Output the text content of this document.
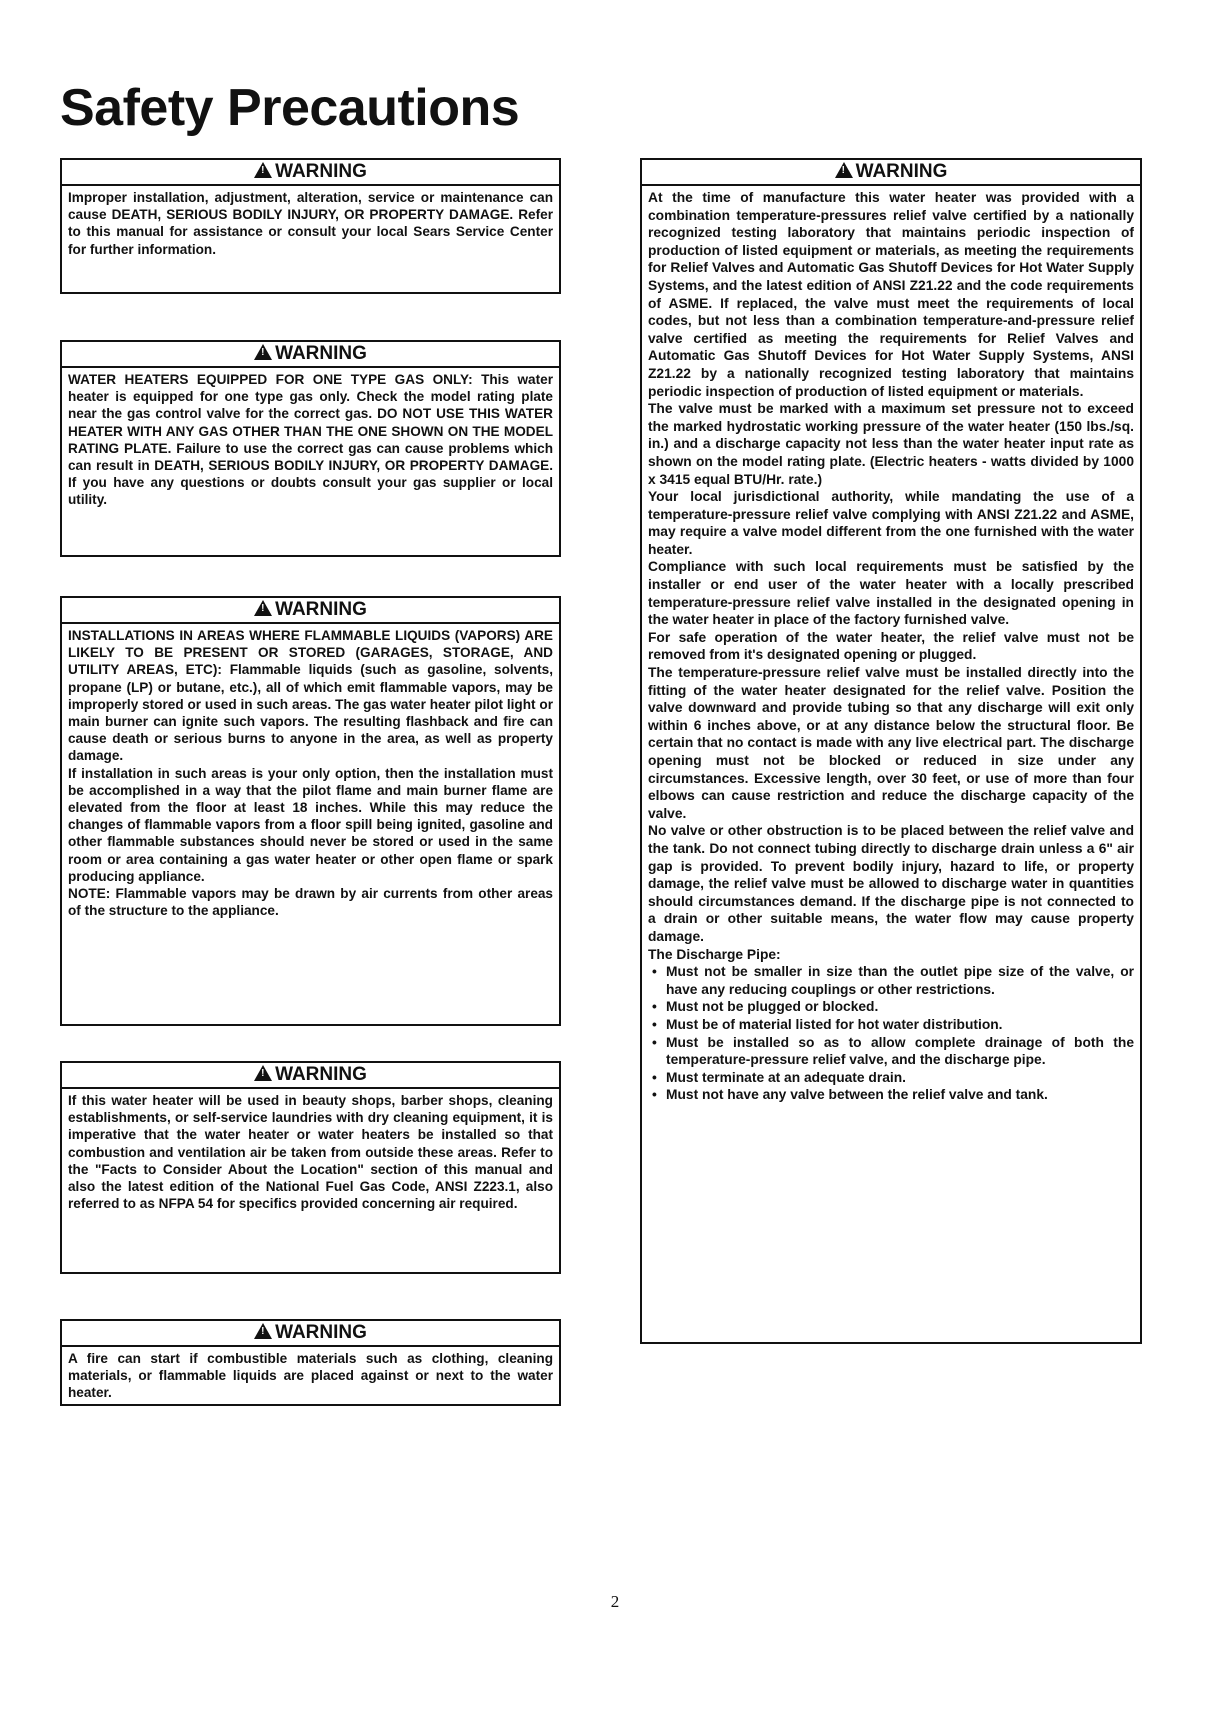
Safety Precautions
!WARNING

Improper installation, adjustment, alteration, service or maintenance can cause DEATH, SERIOUS BODILY INJURY, OR PROPERTY DAMAGE. Refer to this manual for assistance or consult your local Sears Service Center for further information.

!WARNING

WATER HEATERS EQUIPPED FOR ONE TYPE GAS ONLY: This water heater is equipped for one type gas only. Check the model rating plate near the gas control valve for the correct gas. DO NOT USE THIS WATER HEATER WITH ANY GAS OTHER THAN THE ONE SHOWN ON THE MODEL RATING PLATE. Failure to use the correct gas can cause problems which can result in DEATH, SERIOUS BODILY INJURY, OR PROPERTY DAMAGE. If you have any questions or doubts consult your gas supplier or local utility.

!WARNING

INSTALLATIONS IN AREAS WHERE FLAMMABLE LIQUIDS (VAPORS) ARE LIKELY TO BE PRESENT OR STORED (GARAGES, STORAGE, AND UTILITY AREAS, ETC): Flammable liquids (such as gasoline, solvents, propane (LP) or butane, etc.), all of which emit flammable vapors, may be improperly stored or used in such areas. The gas water heater pilot light or main burner can ignite such vapors. The resulting flashback and fire can cause death or serious burns to anyone in the area, as well as property damage.

If installation in such areas is your only option, then the installation must be accomplished in a way that the pilot flame and main burner flame are elevated from the floor at least 18 inches. While this may reduce the changes of flammable vapors from a floor spill being ignited, gasoline and other flammable substances should never be stored or used in the same room or area containing a gas water heater or other open flame or spark producing appliance.

NOTE: Flammable vapors may be drawn by air currents from other areas of the structure to the appliance.

!WARNING

If this water heater will be used in beauty shops, barber shops, cleaning establishments, or self-service laundries with dry cleaning equipment, it is imperative that the water heater or water heaters be installed so that combustion and ventilation air be taken from outside these areas. Refer to the "Facts to Consider About the Location" section of this manual and also the latest edition of the National Fuel Gas Code, ANSI Z223.1, also referred to as NFPA 54 for specifics provided concerning air required.

!WARNING

A fire can start if combustible materials such as clothing, cleaning materials, or flammable liquids are placed against or next to the water heater.

!WARNING

At the time of manufacture this water heater was provided with a combination temperature-pressures relief valve certified by a nationally recognized testing laboratory that maintains periodic inspection of production of listed equipment or materials, as meeting the requirements for Relief Valves and Automatic Gas Shutoff Devices for Hot Water Supply Systems, and the latest edition of ANSI Z21.22 and the code requirements of ASME. If replaced, the valve must meet the requirements of local codes, but not less than a combination temperature-and-pressure relief valve certified as meeting the requirements for Relief Valves and Automatic Gas Shutoff Devices for Hot Water Supply Systems, ANSI Z21.22 by a nationally recognized testing laboratory that maintains periodic inspection of production of listed equipment or materials.

The valve must be marked with a maximum set pressure not to exceed the marked hydrostatic working pressure of the water heater (150 lbs./sq. in.) and a discharge capacity not less than the water heater input rate as shown on the model rating plate. (Electric heaters - watts divided by 1000 x 3415 equal BTU/Hr. rate.)

Your local jurisdictional authority, while mandating the use of a temperature-pressure relief valve complying with ANSI Z21.22 and ASME, may require a valve model different from the one furnished with the water heater.

Compliance with such local requirements must be satisfied by the installer or end user of the water heater with a locally prescribed temperature-pressure relief valve installed in the designated opening in the water heater in place of the factory furnished valve.

For safe operation of the water heater, the relief valve must not be removed from it's designated opening or plugged.

The temperature-pressure relief valve must be installed directly into the fitting of the water heater designated for the relief valve. Position the valve downward and provide tubing so that any discharge will exit only within 6 inches above, or at any distance below the structural floor. Be certain that no contact is made with any live electrical part. The discharge opening must not be blocked or reduced in size under any circumstances. Excessive length, over 30 feet, or use of more than four elbows can cause restriction and reduce the discharge capacity of the valve.

No valve or other obstruction is to be placed between the relief valve and the tank. Do not connect tubing directly to discharge drain unless a 6" air gap is provided. To prevent bodily injury, hazard to life, or property damage, the relief valve must be allowed to discharge water in quantities should circumstances demand. If the discharge pipe is not connected to a drain or other suitable means, the water flow may cause property damage.

The Discharge Pipe:

• Must not be smaller in size than the outlet pipe size of the valve, or have any reducing couplings or other restrictions.
• Must not be plugged or blocked.
• Must be of material listed for hot water distribution.
• Must be installed so as to allow complete drainage of both the temperature-pressure relief valve, and the discharge pipe.
• Must terminate at an adequate drain.
• Must not have any valve between the relief valve and tank.
2
